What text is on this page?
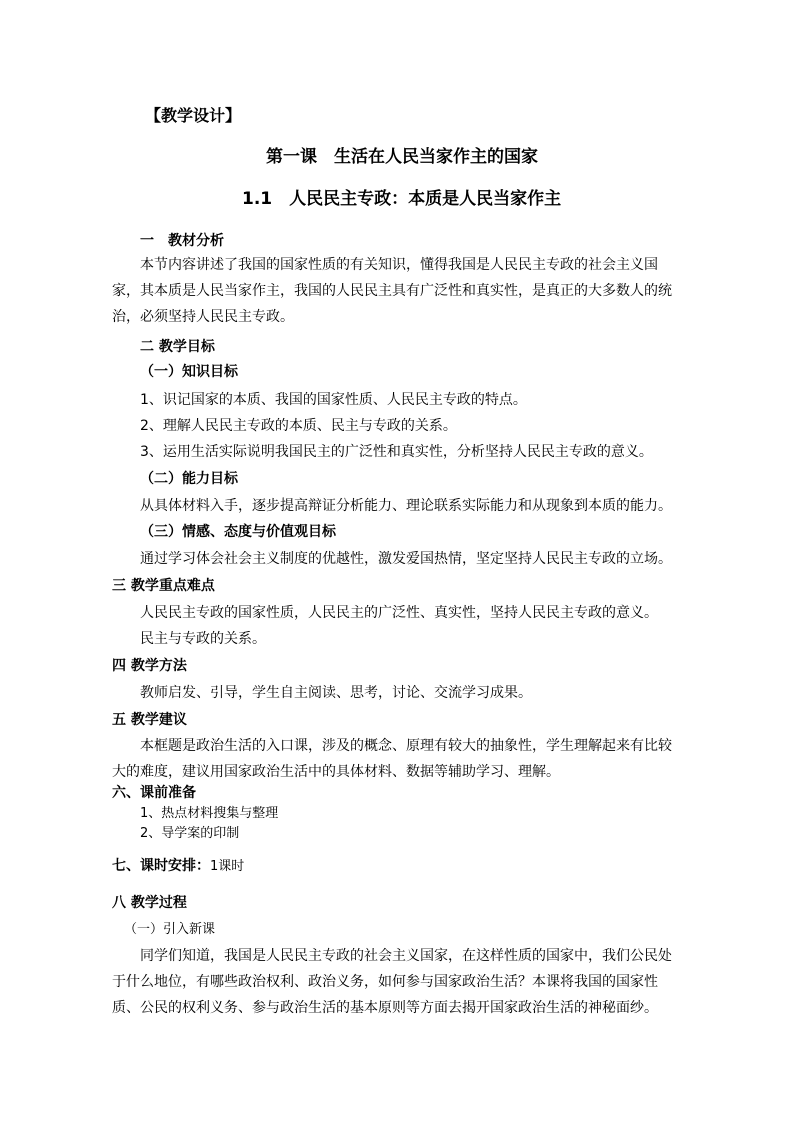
【教学设计】
第一课　生活在人民当家作主的国家
1.1　人民民主专政：本质是人民当家作主
一　教材分析
本节内容讲述了我国的国家性质的有关知识，懂得我国是人民民主专政的社会主义国家，其本质是人民当家作主，我国的人民民主具有广泛性和真实性，是真正的大多数人的统治，必须坚持人民民主专政。
二 教学目标
（一）知识目标
1、识记国家的本质、我国的国家性质、人民民主专政的特点。
2、理解人民民主专政的本质、民主与专政的关系。
3、运用生活实际说明我国民主的广泛性和真实性，分析坚持人民民主专政的意义。
（二）能力目标
从具体材料入手，逐步提高辩证分析能力、理论联系实际能力和从现象到本质的能力。
（三）情感、态度与价值观目标
通过学习体会社会主义制度的优越性，激发爱国热情，坚定坚持人民民主专政的立场。
三 教学重点难点
人民民主专政的国家性质，人民民主的广泛性、真实性，坚持人民民主专政的意义。
民主与专政的关系。
四 教学方法
教师启发、引导，学生自主阅读、思考，讨论、交流学习成果。
五 教学建议
本框题是政治生活的入口课，涉及的概念、原理有较大的抽象性，学生理解起来有比较大的难度，建议用国家政治生活中的具体材料、数据等辅助学习、理解。
六、课前准备
1、热点材料搜集与整理
2、导学案的印制
七、课时安排：1课时
八 教学过程
（一）引入新课
同学们知道，我国是人民民主专政的社会主义国家，在这样性质的国家中，我们公民处于什么地位，有哪些政治权利、政治义务，如何参与国家政治生活？本课将我国的国家性质、公民的权利义务、参与政治生活的基本原则等方面去揭开国家政治生活的神秘面纱。
